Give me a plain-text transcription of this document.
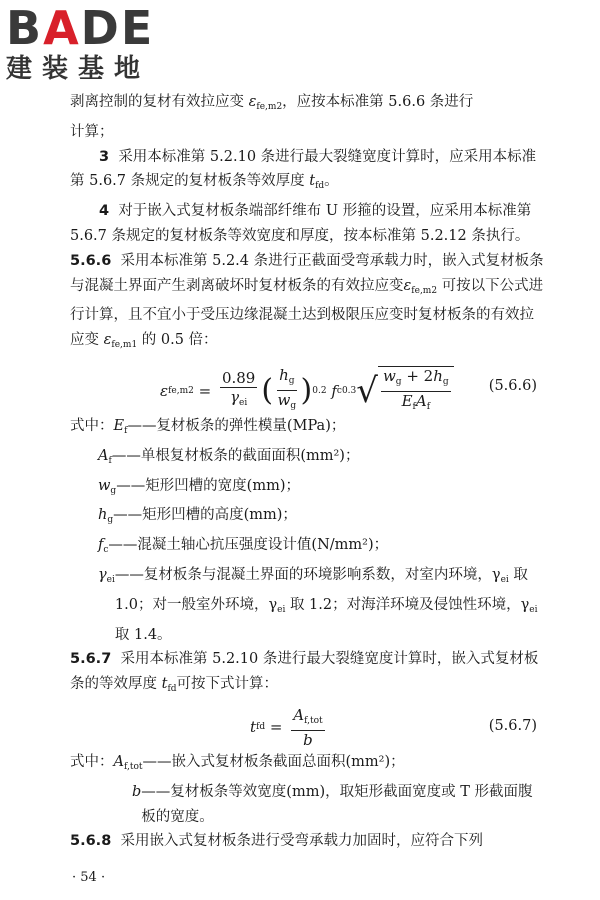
BADE
建装基地

剥离控制的复材有效拉应变 $\varepsilon_{fe,m2}$，应按本标准第 5.6.6 条进行

计算；

3 采用本标准第 5.2.10 条进行最大裂缝宽度计算时，应采用本标准第 5.6.7 条规定的复材板条等效厚度 $t_{fd}$。

4 对于嵌入式复材板条端部纤维布 U 形箍的设置，应采用本标准第 5.6.7 条规定的复材板条等效宽度和厚度，按本标准第 5.2.12 条执行。

5.6.6 采用本标准第 5.2.4 条进行正截面受弯承载力时，嵌入式复材板条与混凝土界面产生剥离破坏时复材板条的有效拉应变$\varepsilon_{fe,m2}$ 可按以下公式进行计算，且不宜小于受压边缘混凝土达到极限压应变时复材板条的有效拉应变 $\varepsilon_{fe,m1}$ 的 0.5 倍：

ε $fe,m2 = \frac{0.89}{\gamma_{ei}}$ ( $\frac{h_g}{w_g}$ ) 0.2
f c 0.3 √ $w_g + 2h_g$
$E_fA_f$
(5.6.6)
式中： $E_f$ ——复材板条的弹性模量(MPa)；
$A_f$ ——单根复材板条的截面面积(mm²)；
$w_g$ ——矩形凹槽的宽度(mm)；
$h_g$ ——矩形凹槽的高度(mm)；
$f_c$ ——混凝土轴心抗压强度设计值(N/mm²)；
$\gamma_{ei}$ ——复材板条与混凝土界面的环境影响系数，对室内环境，$\gamma_{ei}$ 取 1.0；对一般室外环境，$\gamma_{ei}$ 取 1.2；对海洋环境及侵蚀性环境，$\gamma_{ei}$ 取 1.4。

5.6.7 采用本标准第 5.2.10 条进行最大裂缝宽度计算时，嵌入式复材板条的等效厚度 $t_{fd}$可按下式计算：

t fd = $\frac{A_{f,tot}}{b}$	(5.6.7)
式中： $A_{f,tot}$ ——嵌入式复材板条截面总面积(mm²)；
b ——复材板条等效宽度(mm)，取矩形截面宽度或 T 形截面腹板的宽度。

5.6.8 采用嵌入式复材板条进行受弯承载力加固时，应符合下列

· 54 ·
